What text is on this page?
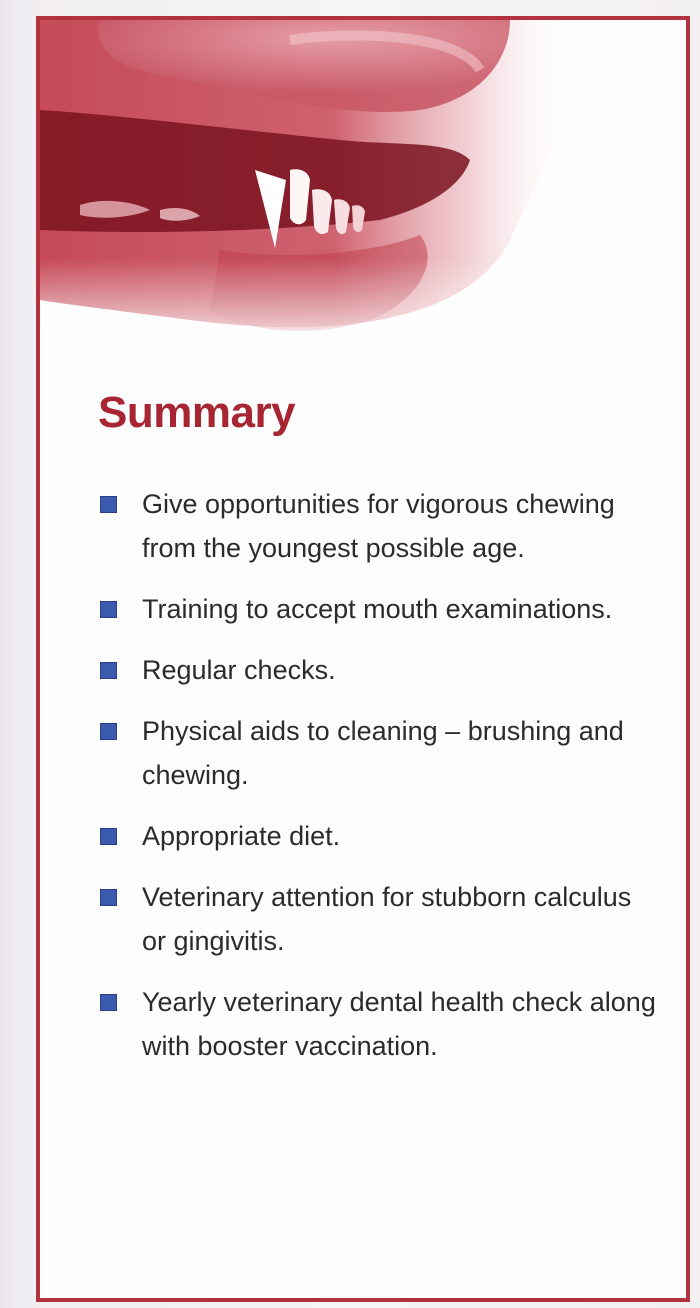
Summary
Give opportunities for vigorous chewing from the youngest possible age.
Training to accept mouth examinations.
Regular checks.
Physical aids to cleaning – brushing and chewing.
Appropriate diet.
Veterinary attention for stubborn calculus or gingivitis.
Yearly veterinary dental health check along with booster vaccination.
